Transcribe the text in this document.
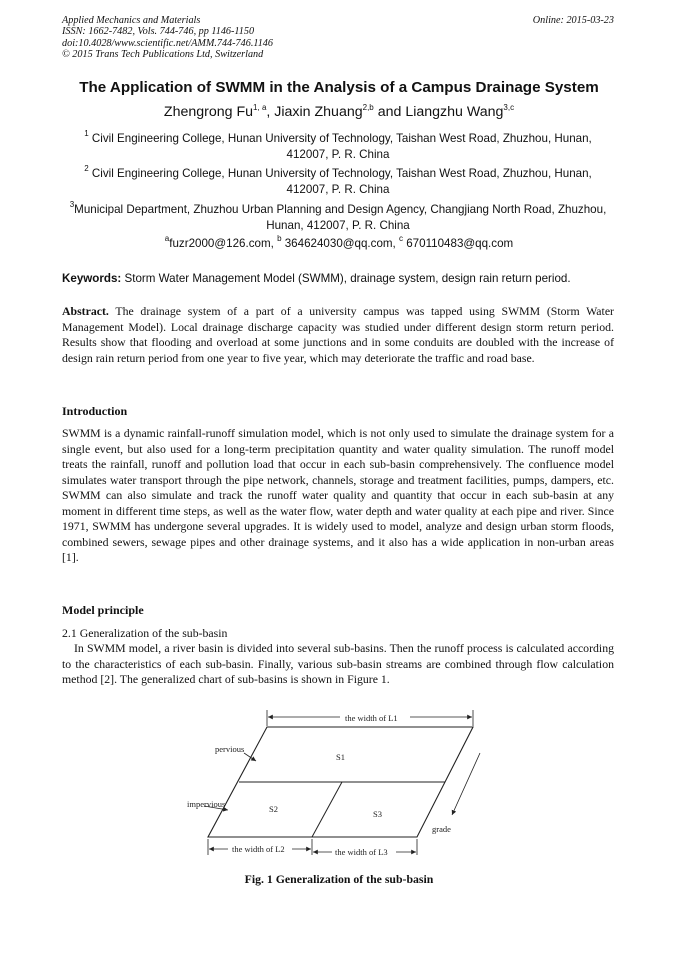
Applied Mechanics and Materials
ISSN: 1662-7482, Vols. 744-746, pp 1146-1150
doi:10.4028/www.scientific.net/AMM.744-746.1146
© 2015 Trans Tech Publications Ltd, Switzerland
Online: 2015-03-23
The Application of SWMM in the Analysis of a Campus Drainage System
Zhengrong Fu$^{1, a}$, Jiaxin Zhuang$^{2,b}$ and Liangzhu Wang$^{3,c}$
$^1$ Civil Engineering College, Hunan University of Technology, Taishan West Road, Zhuzhou, Hunan, 412007, P. R. China
$^2$ Civil Engineering College, Hunan University of Technology, Taishan West Road, Zhuzhou, Hunan, 412007, P. R. China
$^3$Municipal Department, Zhuzhou Urban Planning and Design Agency, Changjiang North Road, Zhuzhou, Hunan, 412007, P. R. China
$^a$fuzr2000@126.com, $^b$ 364624030@qq.com, $^c$ 670110483@qq.com
Keywords: Storm Water Management Model (SWMM), drainage system, design rain return period.
Abstract. The drainage system of a part of a university campus was tapped using SWMM (Storm Water Management Model). Local drainage discharge capacity was studied under different design storm return period. Results show that flooding and overload at some junctions and in some conduits are doubled with the increase of design rain return period from one year to five year, which may deteriorate the traffic and road base.
Introduction
SWMM is a dynamic rainfall-runoff simulation model, which is not only used to simulate the drainage system for a single event, but also used for a long-term precipitation quantity and water quality simulation. The runoff model treats the rainfall, runoff and pollution load that occur in each sub-basin comprehensively. The confluence model simulates water transport through the pipe network, channels, storage and treatment facilities, pumps, dampers, etc. SWMM can also simulate and track the runoff water quality and quantity that occur in each sub-basin at any moment in different time steps, as well as the water flow, water depth and water quality at each pipe and river. Since 1971, SWMM has undergone several upgrades. It is widely used to model, analyze and design urban storm floods, combined sewers, sewage pipes and other drainage systems, and it also has a wide application in non-urban areas [1].
Model principle
2.1 Generalization of the sub-basin
In SWMM model, a river basin is divided into several sub-basins. Then the runoff process is calculated according to the characteristics of each sub-basin. Finally, various sub-basin streams are combined through flow calculation method [2]. The generalized chart of sub-basins is shown in Figure 1.
the width of L1
the width of L2	the width of L3
pervious
impervious
S1
S2	S3
grade
Fig. 1 Generalization of the sub-basin
